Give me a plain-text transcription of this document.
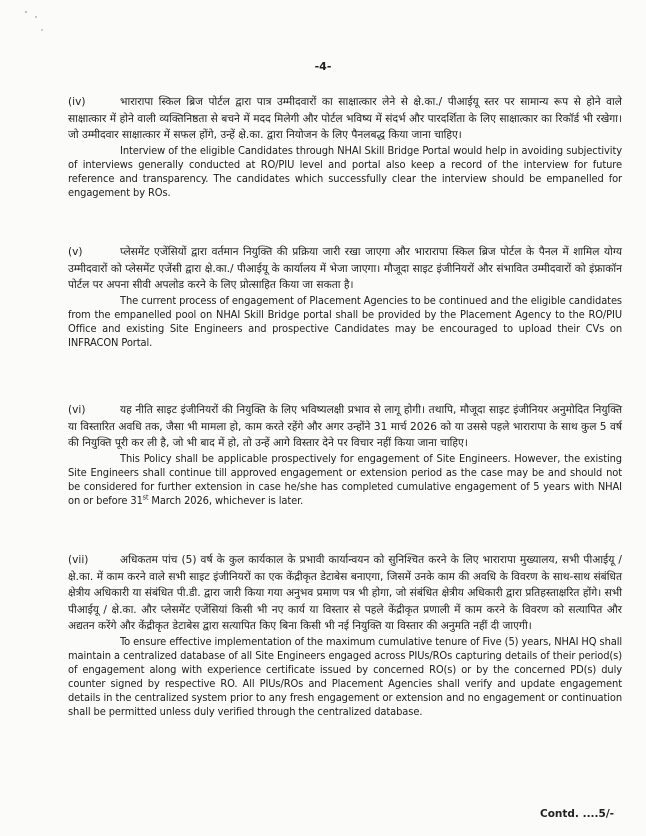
-4-

(iv)	भारारापा स्किल ब्रिज पोर्टल द्वारा पात्र उम्मीदवारों का साक्षात्कार लेने से क्षे.का./ पीआईयू स्तर पर सामान्य रूप से होने वाले साक्षात्कार में होने वाली व्यक्तिनिष्ठता से बचने में मदद मिलेगी और पोर्टल भविष्य में संदर्भ और पारदर्शिता के लिए साक्षात्कार का रिकॉर्ड भी रखेगा। जो उम्मीदवार साक्षात्कार में सफल होंगे, उन्हें क्षे.का. द्वारा नियोजन के लिए पैनलबद्ध किया जाना चाहिए।

Interview of the eligible Candidates through NHAI Skill Bridge Portal would help in avoiding subjectivity of interviews generally conducted at RO/PIU level and portal also keep a record of the interview for future reference and transparency. The candidates which successfully clear the interview should be empanelled for engagement by ROs.

(v)	प्लेसमेंट एजेंसियों द्वारा वर्तमान नियुक्ति की प्रक्रिया जारी रखा जाएगा और भारारापा स्किल ब्रिज पोर्टल के पैनल में शामिल योग्य उम्मीदवारों को प्लेसमेंट एजेंसी द्वारा क्षे.का./ पीआईयू के कार्यालय में भेजा जाएगा। मौजूदा साइट इंजीनियरों और संभावित उम्मीदवारों को इंफ्राकॉन पोर्टल पर अपना सीवी अपलोड करने के लिए प्रोत्साहित किया जा सकता है।

The current process of engagement of Placement Agencies to be continued and the eligible candidates from the empanelled pool on NHAI Skill Bridge portal shall be provided by the Placement Agency to the RO/PIU Office and existing Site Engineers and prospective Candidates may be encouraged to upload their CVs on INFRACON Portal.

(vi)	यह नीति साइट इंजीनियरों की नियुक्ति के लिए भविष्यलक्षी प्रभाव से लागू होगी। तथापि, मौजूदा साइट इंजीनियर अनुमोदित नियुक्ति या विस्तारित अवधि तक, जैसा भी मामला हो, काम करते रहेंगे और अगर उन्होंने 31 मार्च 2026 को या उससे पहले भारारापा के साथ कुल 5 वर्ष की नियुक्ति पूरी कर ली है, जो भी बाद में हो, तो उन्हें आगे विस्तार देने पर विचार नहीं किया जाना चाहिए।

This Policy shall be applicable prospectively for engagement of Site Engineers. However, the existing Site Engineers shall continue till approved engagement or extension period as the case may be and should not be considered for further extension in case he/she has completed cumulative engagement of 5 years with NHAI on or before 31st March 2026, whichever is later.

(vii)	अधिकतम पांच (5) वर्ष के कुल कार्यकाल के प्रभावी कार्यान्वयन को सुनिश्चित करने के लिए भारारापा मुख्यालय, सभी पीआईयू / क्षे.का. में काम करने वाले सभी साइट इंजीनियरों का एक केंद्रीकृत डेटाबेस बनाएगा, जिसमें उनके काम की अवधि के विवरण के साथ-साथ संबंधित क्षेत्रीय अधिकारी या संबंधित पी.डी. द्वारा जारी किया गया अनुभव प्रमाण पत्र भी होगा, जो संबंधित क्षेत्रीय अधिकारी द्वारा प्रतिहस्ताक्षरित होंगे। सभी पीआईयू / क्षे.का. और प्लेसमेंट एजेंसियां किसी भी नए कार्य या विस्तार से पहले केंद्रीकृत प्रणाली में काम करने के विवरण को सत्यापित और अद्यतन करेंगे और केंद्रीकृत डेटाबेस द्वारा सत्यापित किए बिना किसी भी नई नियुक्ति या विस्तार की अनुमति नहीं दी जाएगी।

To ensure effective implementation of the maximum cumulative tenure of Five (5) years, NHAI HQ shall maintain a centralized database of all Site Engineers engaged across PIUs/ROs capturing details of their period(s) of engagement along with experience certificate issued by concerned RO(s) or by the concerned PD(s) duly counter signed by respective RO. All PIUs/ROs and Placement Agencies shall verify and update engagement details in the centralized system prior to any fresh engagement or extension and no engagement or continuation shall be permitted unless duly verified through the centralized database.

Contd. ....5/-
